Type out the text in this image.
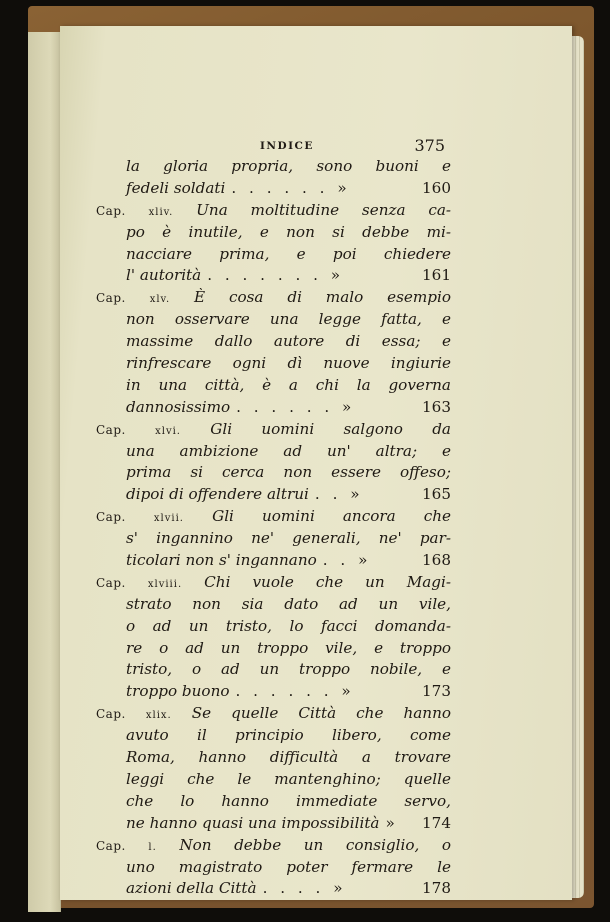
INDICE	375
la gloria propria, sono buoni e
fedeli soldati . . . . . . »	160
Cap. xliv. Una moltitudine senza ca-
po è inutile, e non si debbe mi-
nacciare prima, e poi chiedere
l' autorità . . . . . . . »	161
Cap. xlv. È cosa di malo esempio
non osservare una legge fatta, e
massime dallo autore di essa; e
rinfrescare ogni dì nuove ingiurie
in una città, è a chi la governa
dannosissimo . . . . . . »	163
Cap.	xlvi. Gli uomini salgono da
una ambizione ad un' altra; e
prima si cerca non essere offeso;
dipoi di offendere altrui . . »	165
Cap.	xlvii. Gli uomini ancora che
s' ingannino ne' generali, ne' par-
ticolari non s' ingannano . . »	168
Cap. xlviii. Chi vuole che un Magi-
strato non sia dato ad un vile,
o ad un tristo, lo facci domanda-
re o ad un troppo vile, e troppo
tristo, o ad un troppo nobile, e
troppo buono . . . . . . »	173
Cap. xlix. Se quelle Città che hanno
avuto il principio libero, come
Roma, hanno difficultà a trovare
leggi che le mantenghino; quelle
che lo hanno immediate servo,
ne hanno quasi una impossibilità »	174
Cap. l. Non debbe un consiglio, o
uno magistrato poter fermare le
azioni della Città . . . . »	178
